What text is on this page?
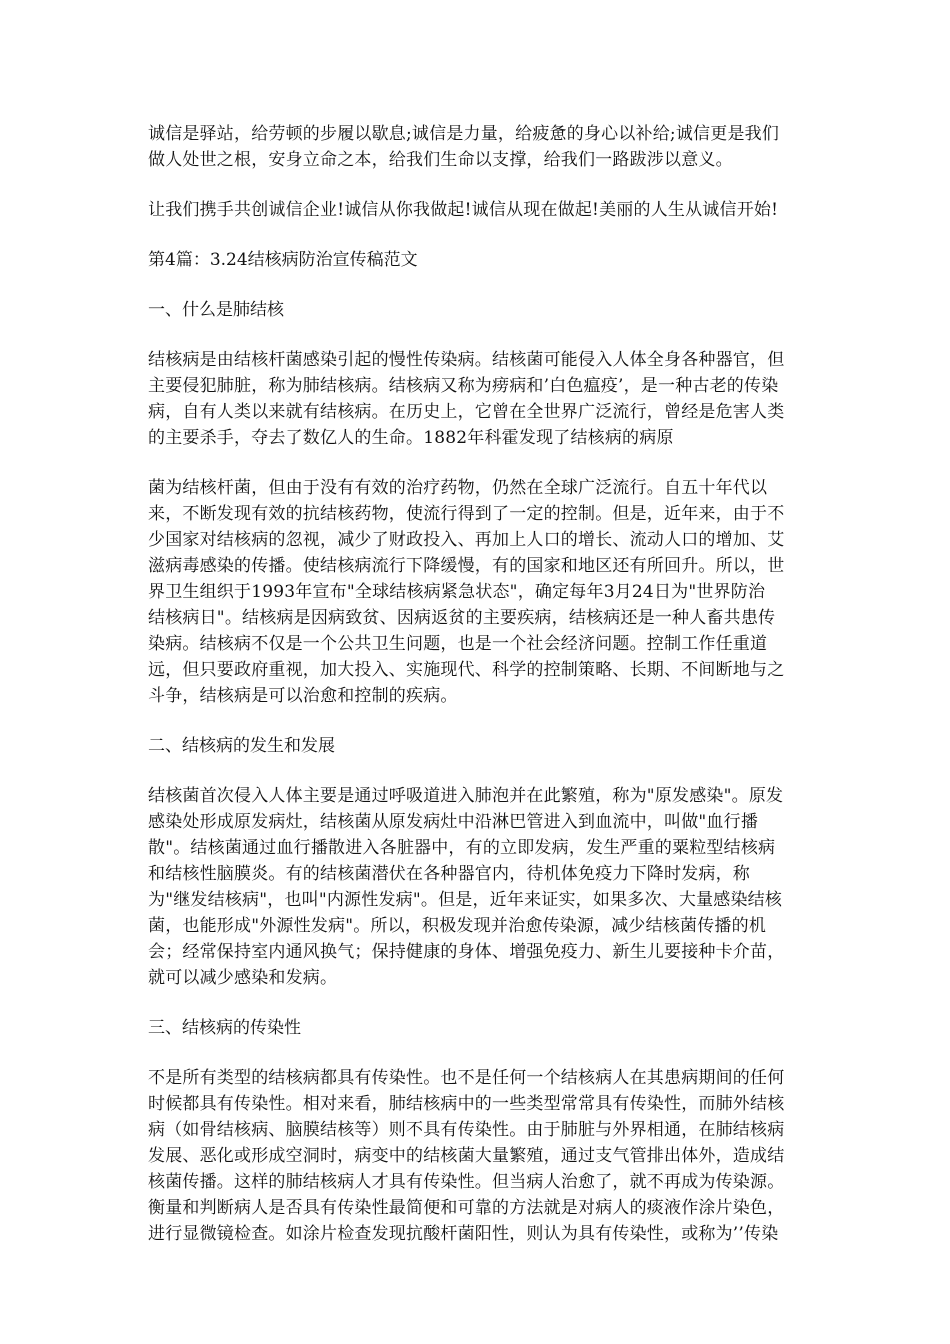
诚信是驿站，给劳顿的步履以歇息;诚信是力量，给疲惫的身心以补给;诚信更是我们
做人处世之根，安身立命之本，给我们生命以支撑，给我们一路跋涉以意义。

让我们携手共创诚信企业!诚信从你我做起!诚信从现在做起!美丽的人生从诚信开始!

第4篇：3.24结核病防治宣传稿范文

一、什么是肺结核

结核病是由结核杆菌感染引起的慢性传染病。结核菌可能侵入人体全身各种器官，但
主要侵犯肺脏，称为肺结核病。结核病又称为痨病和’白色瘟疫’，是一种古老的传染
病，自有人类以来就有结核病。在历史上，它曾在全世界广泛流行，曾经是危害人类
的主要杀手，夺去了数亿人的生命。1882年科霍发现了结核病的病原

菌为结核杆菌，但由于没有有效的治疗药物，仍然在全球广泛流行。自五十年代以
来，不断发现有效的抗结核药物，使流行得到了一定的控制。但是，近年来，由于不
少国家对结核病的忽视，减少了财政投入、再加上人口的增长、流动人口的增加、艾
滋病毒感染的传播。使结核病流行下降缓慢，有的国家和地区还有所回升。所以，世
界卫生组织于1993年宣布"全球结核病紧急状态"，确定每年3月24日为"世界防治
结核病日"。结核病是因病致贫、因病返贫的主要疾病，结核病还是一种人畜共患传
染病。结核病不仅是一个公共卫生问题，也是一个社会经济问题。控制工作任重道
远，但只要政府重视，加大投入、实施现代、科学的控制策略、长期、不间断地与之
斗争，结核病是可以治愈和控制的疾病。

二、结核病的发生和发展

结核菌首次侵入人体主要是通过呼吸道进入肺泡并在此繁殖，称为"原发感染"。原发
感染处形成原发病灶，结核菌从原发病灶中沿淋巴管进入到血流中，叫做"血行播
散"。结核菌通过血行播散进入各脏器中，有的立即发病，发生严重的粟粒型结核病
和结核性脑膜炎。有的结核菌潜伏在各种器官内，待机体免疫力下降时发病，称
为"继发结核病"，也叫"内源性发病"。但是，近年来证实，如果多次、大量感染结核
菌，也能形成"外源性发病"。所以，积极发现并治愈传染源，减少结核菌传播的机
会；经常保持室内通风换气；保持健康的身体、增强免疫力、新生儿要接种卡介苗，
就可以减少感染和发病。

三、结核病的传染性

不是所有类型的结核病都具有传染性。也不是任何一个结核病人在其患病期间的任何
时候都具有传染性。相对来看，肺结核病中的一些类型常常具有传染性，而肺外结核
病（如骨结核病、脑膜结核等）则不具有传染性。由于肺脏与外界相通，在肺结核病
发展、恶化或形成空洞时，病变中的结核菌大量繁殖，通过支气管排出体外，造成结
核菌传播。这样的肺结核病人才具有传染性。但当病人治愈了，就不再成为传染源。
衡量和判断病人是否具有传染性最简便和可靠的方法就是对病人的痰液作涂片染色，
进行显微镜检查。如涂片检查发现抗酸杆菌阳性，则认为具有传染性，或称为’’传染
